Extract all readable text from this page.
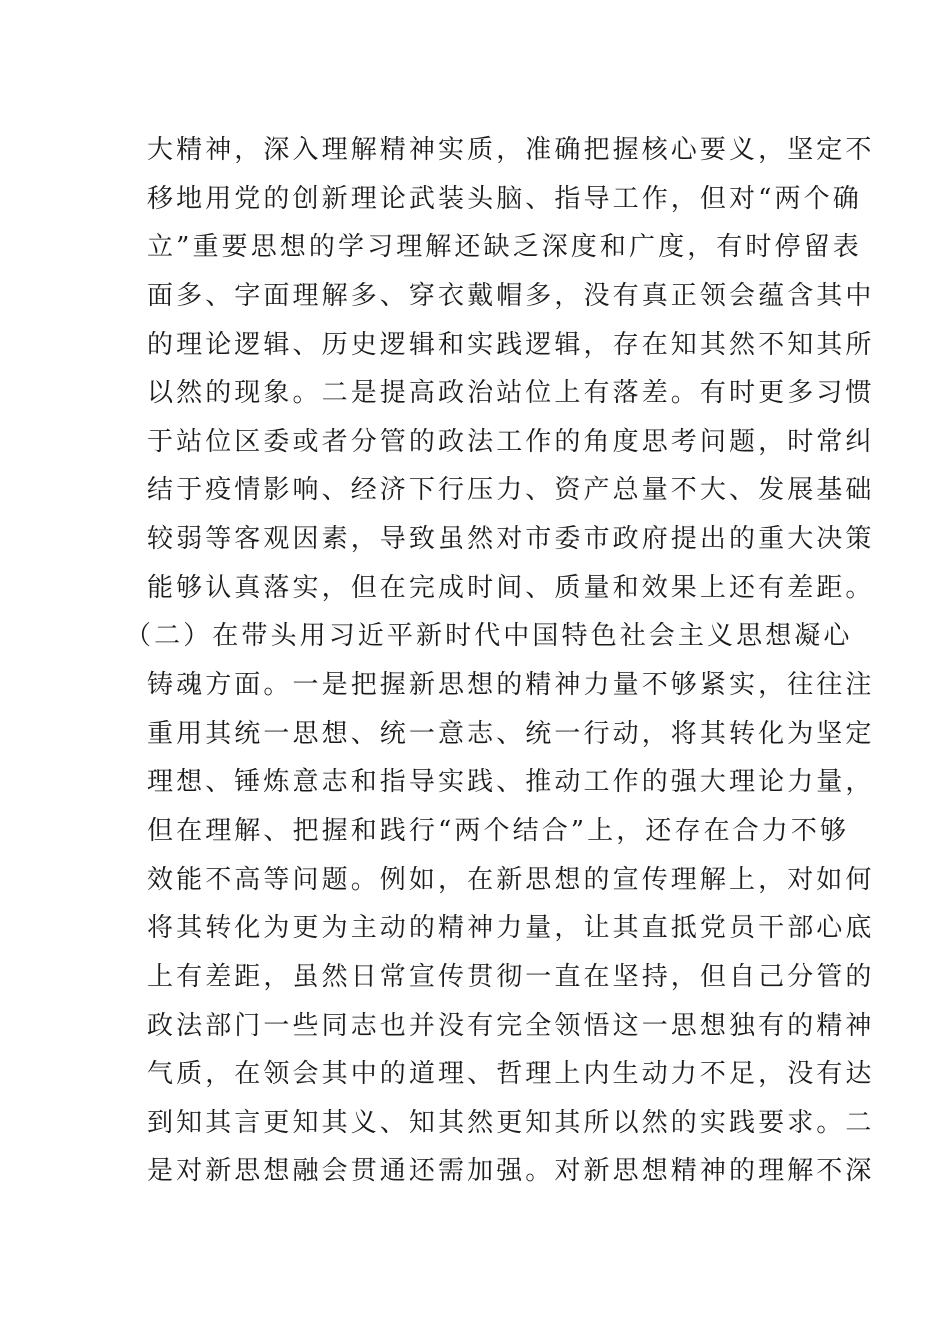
大精神，深入理解精神实质，准确把握核心要义，坚定不
移地用党的创新理论武装头脑、指导工作，但对“两个确
立”重要思想的学习理解还缺乏深度和广度，有时停留表
面多、字面理解多、穿衣戴帽多，没有真正领会蕴含其中
的理论逻辑、历史逻辑和实践逻辑，存在知其然不知其所
以然的现象。二是提高政治站位上有落差。有时更多习惯
于站位区委或者分管的政法工作的角度思考问题，时常纠
结于疫情影响、经济下行压力、资产总量不大、发展基础
较弱等客观因素，导致虽然对市委市政府提出的重大决策
能够认真落实，但在完成时间、质量和效果上还有差距。
（二）在带头用习近平新时代中国特色社会主义思想凝心
铸魂方面。一是把握新思想的精神力量不够紧实，往往注
重用其统一思想、统一意志、统一行动，将其转化为坚定
理想、锤炼意志和指导实践、推动工作的强大理论力量，
但在理解、把握和践行“两个结合”上，还存在合力不够
效能不高等问题。例如，在新思想的宣传理解上，对如何
将其转化为更为主动的精神力量，让其直抵党员干部心底
上有差距，虽然日常宣传贯彻一直在坚持，但自己分管的
政法部门一些同志也并没有完全领悟这一思想独有的精神
气质，在领会其中的道理、哲理上内生动力不足，没有达
到知其言更知其义、知其然更知其所以然的实践要求。二
是对新思想融会贯通还需加强。对新思想精神的理解不深
